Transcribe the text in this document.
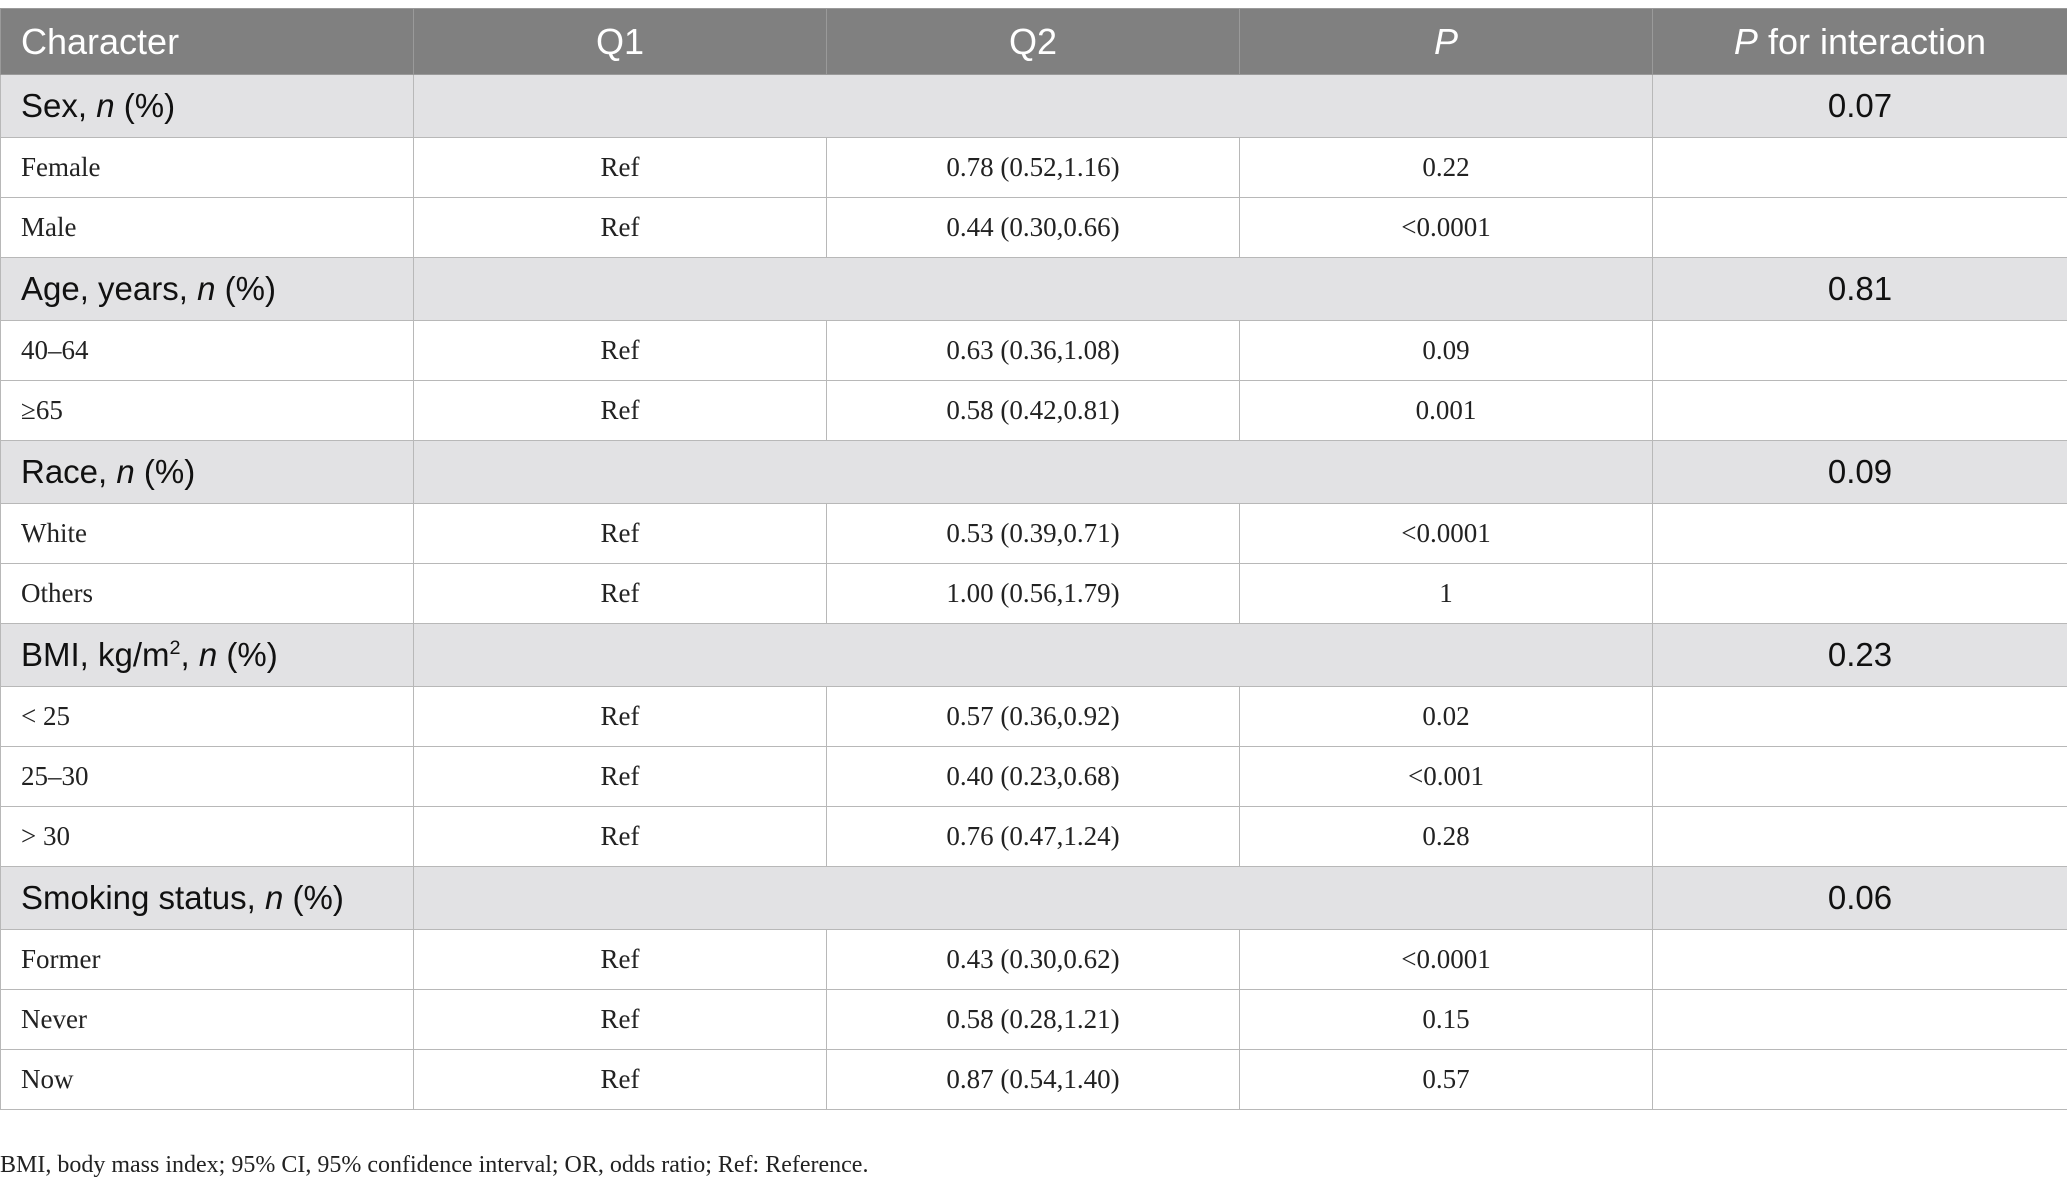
Character	Q1	Q2	P	P for interaction
Sex, n (%)				0.07
Female	Ref	0.78 (0.52,1.16)	0.22	
Male	Ref	0.44 (0.30,0.66)	<0.0001	
Age, years, n (%)				0.81
40–64	Ref	0.63 (0.36,1.08)	0.09	
≥65	Ref	0.58 (0.42,0.81)	0.001	
Race, n (%)				0.09
White	Ref	0.53 (0.39,0.71)	<0.0001	
Others	Ref	1.00 (0.56,1.79)	1	
BMI, $kg/m^2$, n (%)				0.23
< 25	Ref	0.57 (0.36,0.92)	0.02	
25–30	Ref	0.40 (0.23,0.68)	<0.001	
> 30	Ref	0.76 (0.47,1.24)	0.28	
Smoking status, n (%)				0.06
Former	Ref	0.43 (0.30,0.62)	<0.0001	
Never	Ref	0.58 (0.28,1.21)	0.15	
Now	Ref	0.87 (0.54,1.40)	0.57	
BMI, body mass index; 95% CI, 95% confidence interval; OR, odds ratio; Ref: Reference.
